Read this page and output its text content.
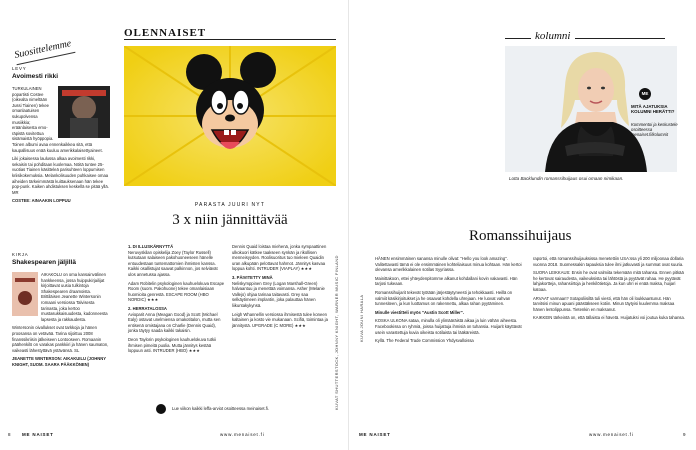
Suosittelemme
OLENNAISET
LEVY
Avoimesti rikki

TURKULAINEN popartisti Costee (oikealta nimeltään Jussi Tiainen) tekee omanlaatuisen sukupolvensa musiikkia; eräänlaisesta emo-räpistä sovitettua sisämaistä hyöppopia. Toinen albumi avaa ennenkaikkea sitä, että kaupallisuus enää kuuluu amerikkalaisettyaineet.

Liki jokaisessa laulussa alkaa avoimesti rikki, sekaisin tai pohditaan kuolemaa. Nöitä tuntee 25-vuotias Tiainen käsitteleä parisuhteen loppumisen kriisikokemuksia. Melankolisuuden puhkaisee omaa aiheiden tärkeimmästä kuittauksenaan hän tekee pop-punk. Kaiken ahdistuksen keskellä se pitää yllä. MR

COSTEE: AINAAKIN LOPPUU

KIRJA
Shakespearen jäljillä

AIKAKOLU on oma kansainvälinen hankkeensa, jossa huippukirjailijat kirjoittavat uusia tulkintoja Shakespearen draamoista. Brittiläisen Jeanette Wintersonin romaani versiossa Talvisesta tarinasta, joka kertoo mustasukkaisuudesta, kadonneesta lapsesta ja rakkaudesta.

Wintersonin oivallukset ovat tarkkoja ja hänen proosansa on vetävää. Tarina sijoittuu 2008 finanssikriisin jälkeiseen Lontooseen. Romaanin päähenkilö on varakas pankkiiri ja hänen saumaton, vaikeasti lähestyttävä ystävänsä. SL

JEANETTE WINTERSON: AIKAKUILU (JOHNNY KNIGHT, SUOM. SAARA PÄÄKKÖNEN)

PARASTA JUURI NYT
3 x niin jännittävää
1. DI ILLUSKÄRNYTTÄ

Neruvyskilan opiskelija Zoey (Taylor Russell) kutsutaan salaiseen pakohuoneeseen hänelle entuudestaan tuntemattomien ihmisten kanssa. Kaikki osallistujat saavat palkinnon, jos selviävät ulos annetussa ajassa.

Adam Robitelin psykologinen kauhuelokuva Escape Room (suom. Pakohuone) tekee omanlaisiaan huomioita genrestä. ESCAPE ROOM (HBO NORDIC) ★★★

2. HERRATALOSSA

Avioparit Anna (Meagan Good) ja Scott (Michael Ealy) ostavat unelmiensa omakotitalon, mutta sen entisenä omistajana on Charlie (Dennis Quaid), jonka täytyy saada kaikki takaisin.

Deon Taylorin psykologinen kauhuelokuva tutkii ihmisen pimeitä puolia. Mutta jännitys kestää loppuun asti. INTRUDER (HBO) ★★★

Dennis Quaid loistaa miehenä, jonka sympaattinen ulkokuori kätkee taakseen synkän ja rikollisen menneisyyden. Roolisuoritus tuo mieleen Quaidin uran alkupään pelottavat hahmot. Jännitys kasvaa loppua kohti. INTRUDER (VIAPLAY) ★★★

3. PÄIVITETTY MINÄ

Neliskymppinen Grey (Logan Marshall-Green) halvaantuu ja menettää voimansa. Asher (Melanie Vallejo) ohjaa tarinaa taitavasti. Grey saa selkäytimeen implantin, joka palauttaa hänen liikuntakykynsä.

Leigh Whannellin versiossa ihmisestä tulee koneen kaltainen ja kosto vie mukanaan. Scifiä, toimintaa ja jännitystä. UPGRADE (C MORE) ★★★

Lue viikon kaikki leffa-arviot osoitteessa meinaiset.fi.	KUVAT SHUTTERSTOCK, JOHNNY KNIGHT, WARNER MUSIC FINLAND
8	ME NAISET	www.menaiset.fi
kolumni
Lotta Backlundin romanssihuijaus osui omaan nimikaan.
ME
MITÄ AJATUKSIA KOLUMNI HERÄTTI?
Kommentoi ja keskustele osoitteessa menaiset.fi/kolumnit
Romanssihuijaus
KUVA JOUNI HARALA

HÄNEN ensimmäinen sanansa minulle olivat: "Hello you look amazing". Valitettavasti tämä ei ole ensimmäinen kohteliaisuus minua kohtaan. Hän kertoi olevansa amerikkalainen sotilas Syyriassa.

Mainittakoon, ettei yhteydenpitomme alkanut kohdallani kovin vakavasti. Hän tarjosi tukeaan.

Romanssihuijarit tekevät työtään järjestäytyneesti ja tehokkaasti. Heillä on valmiit käsikirjoitukset ja he osaavat kohdella uhrejaan. He luovat vahvan tunnesiteen, ja kun luottamus on rakennettu, alkaa rahan pyytäminen.

Minulle viestitteli myös "Austin Scott Miller".

KOSKA ULKONA sataa, minulla oli ylimääräistä aikaa ja luin vähän aiheesta. Facebookissa on ryhmiä, joissa huijattuja ihmisiä on tuhansia. Huijarit käyttävät usein varastettuja kuvia oikeista sotilaista tai lääkäreistä.

Kyllä. The Federal Trade Commission Yhdysvalloissa

raportoi, että romanssihuijauksissa menetettiin USA:ssa yli 200 miljoonaa dollaria vuonna 2018. Suomessakin tapauksia tulee ilmi jatkuvasti ja summat ovat suuria.

SUORA LEIKKAUS: Ensin he ovat valmiita tekemään mitä tahansa. Ennen pitkää he kertovat sairaudesta, vaikeuksista tai lähtöstä ja pyytävät rahaa. He pyytävät lahjakortteja, rahansiirtoja ja henkilötietoja. Ja kun uhri ei enää maksa, huijari katoaa.

ARVAAT varmaan? Sotapoliisiltä tuli viesti, että hän oli loukkaantunut. Hän tarvitsisi minun apuani päästäkseen kotiin. Minun täytyisi kuulemma maksaa hänen lentolippunsa. Tietenkin en maksanut.

KAIKKEIN tärkeintä on, että tällaista ei hävetä. Huijatuksi voi joutua kuka tahansa.

ME NAISET	www.menaiset.fi	9
